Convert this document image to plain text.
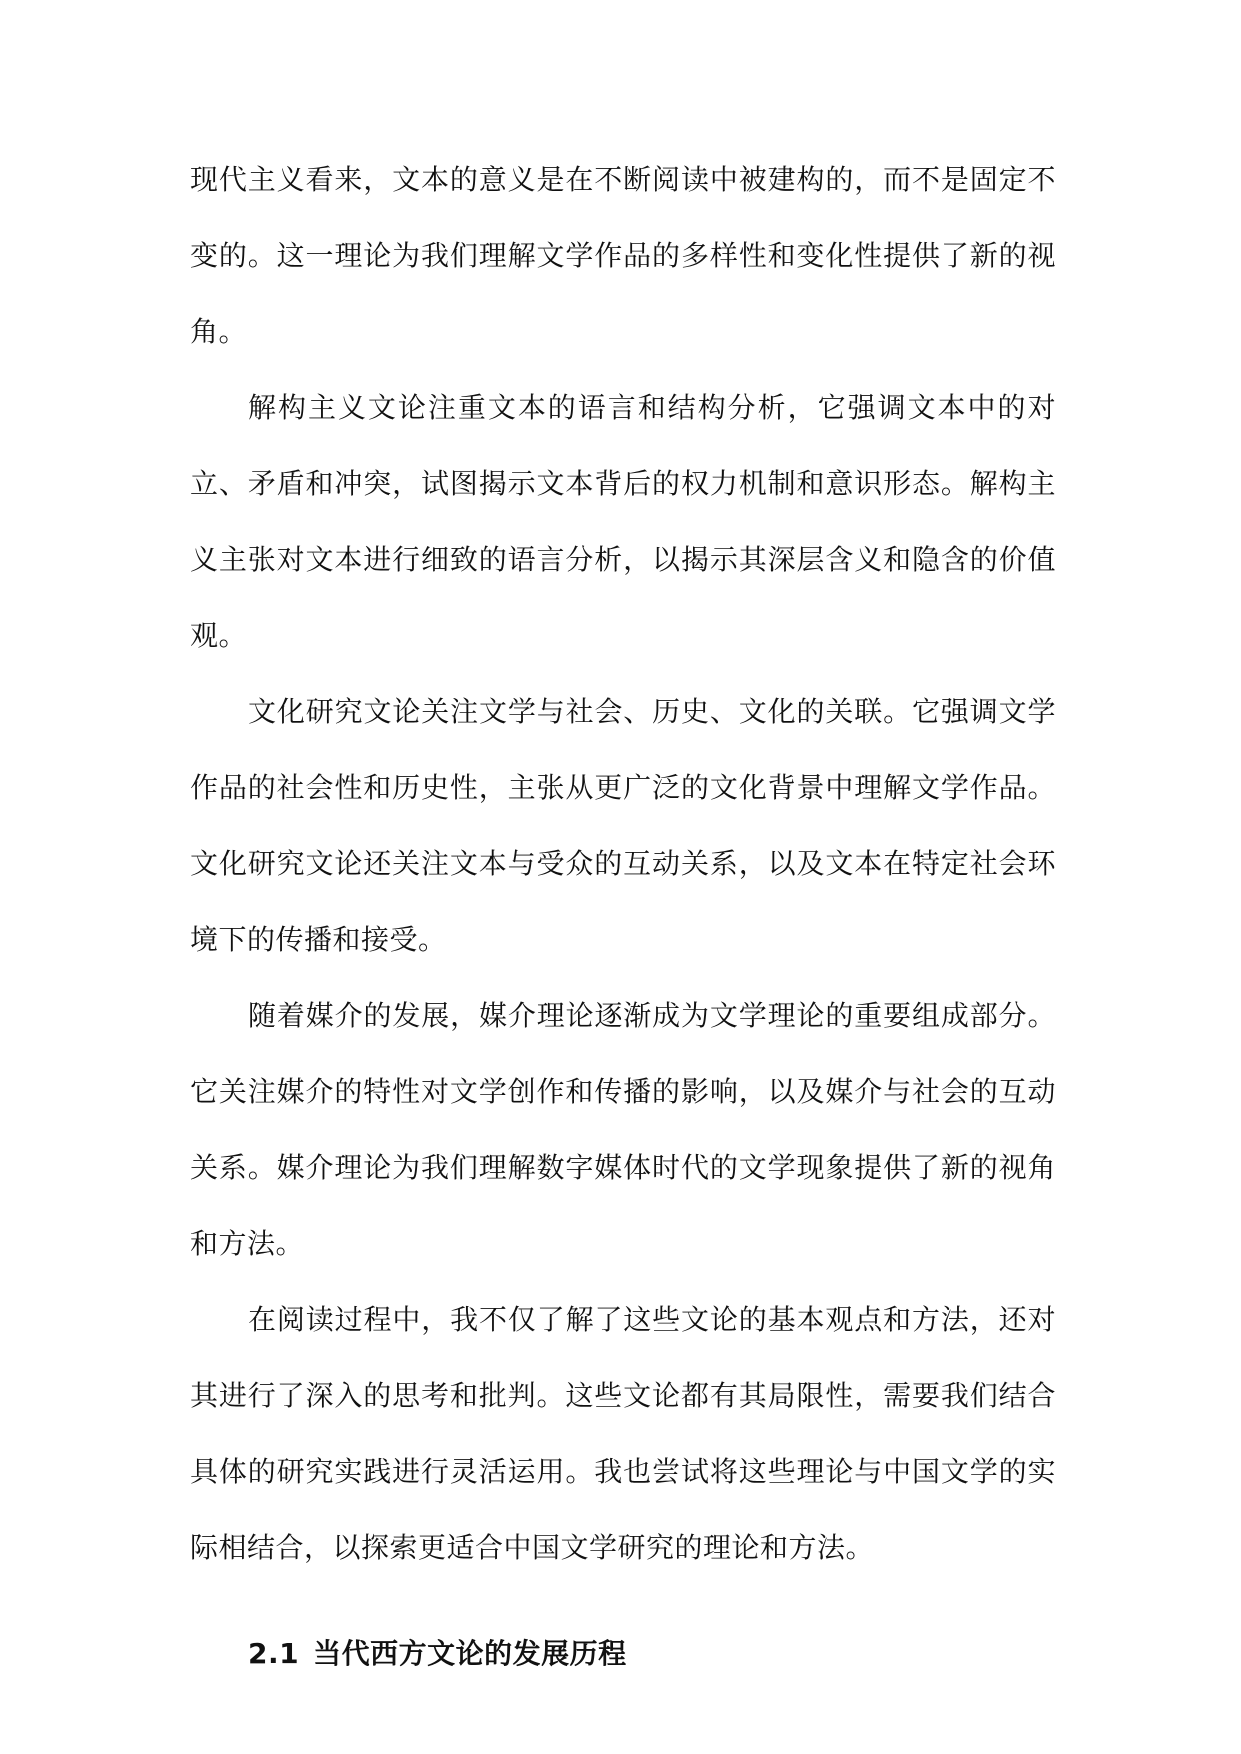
现代主义看来，文本的意义是在不断阅读中被建构的，而不是固定不变的。这一理论为我们理解文学作品的多样性和变化性提供了新的视角。

解构主义文论注重文本的语言和结构分析，它强调文本中的对立、矛盾和冲突，试图揭示文本背后的权力机制和意识形态。解构主义主张对文本进行细致的语言分析，以揭示其深层含义和隐含的价值观。

文化研究文论关注文学与社会、历史、文化的关联。它强调文学作品的社会性和历史性，主张从更广泛的文化背景中理解文学作品。文化研究文论还关注文本与受众的互动关系，以及文本在特定社会环境下的传播和接受。

随着媒介的发展，媒介理论逐渐成为文学理论的重要组成部分。它关注媒介的特性对文学创作和传播的影响，以及媒介与社会的互动关系。媒介理论为我们理解数字媒体时代的文学现象提供了新的视角和方法。

在阅读过程中，我不仅了解了这些文论的基本观点和方法，还对其进行了深入的思考和批判。这些文论都有其局限性，需要我们结合具体的研究实践进行灵活运用。我也尝试将这些理论与中国文学的实际相结合，以探索更适合中国文学研究的理论和方法。

2.1 当代西方文论的发展历程
